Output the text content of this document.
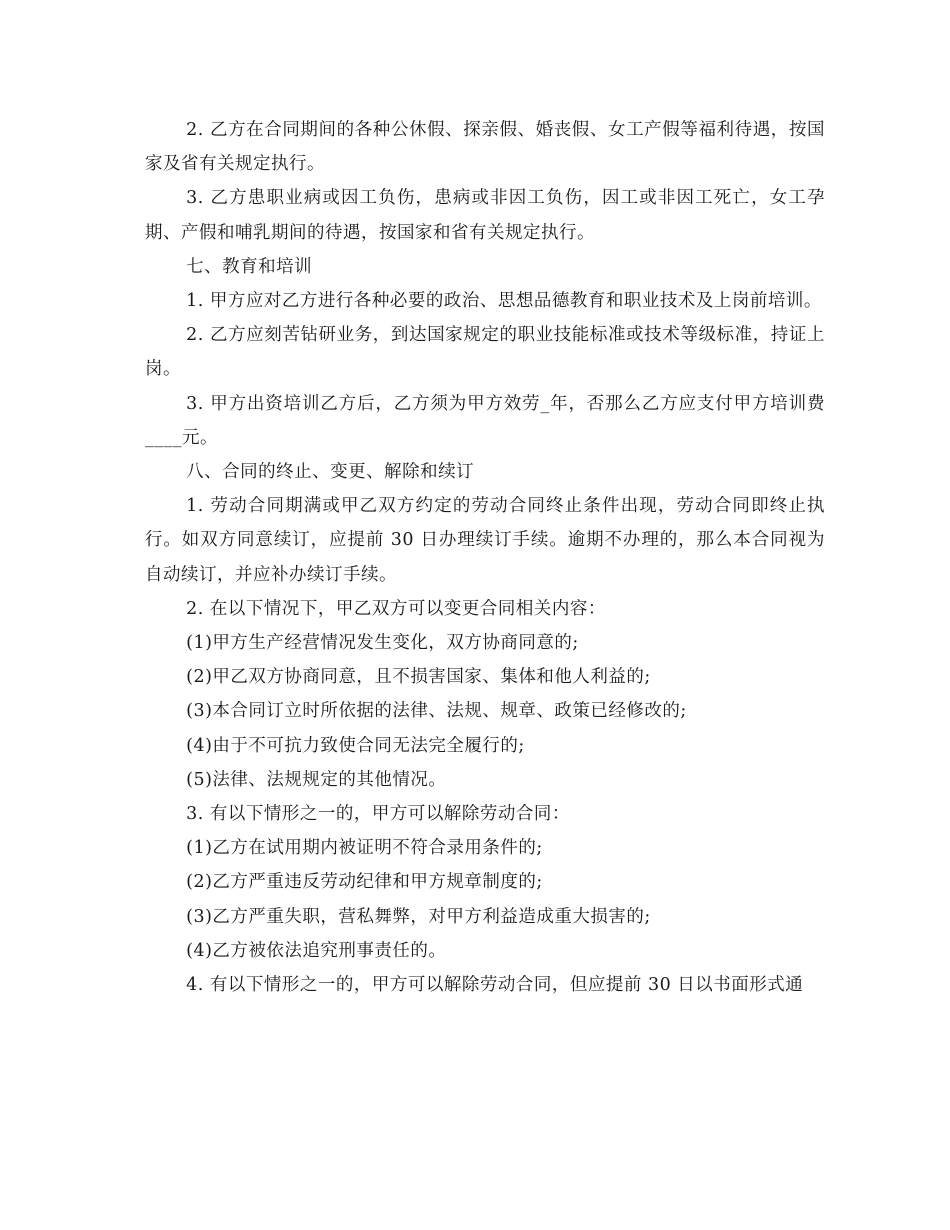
2. 乙方在合同期间的各种公休假、探亲假、婚丧假、女工产假等福利待遇，按国家及省有关规定执行。

3. 乙方患职业病或因工负伤，患病或非因工负伤，因工或非因工死亡，女工孕期、产假和哺乳期间的待遇，按国家和省有关规定执行。

七、教育和培训

1. 甲方应对乙方进行各种必要的政治、思想品德教育和职业技术及上岗前培训。

2. 乙方应刻苦钻研业务，到达国家规定的职业技能标准或技术等级标准，持证上岗。

3. 甲方出资培训乙方后，乙方须为甲方效劳_年，否那么乙方应支付甲方培训费____元。

八、合同的终止、变更、解除和续订

1. 劳动合同期满或甲乙双方约定的劳动合同终止条件出现，劳动合同即终止执行。如双方同意续订，应提前 30 日办理续订手续。逾期不办理的，那么本合同视为自动续订，并应补办续订手续。

2. 在以下情况下，甲乙双方可以变更合同相关内容：

(1)甲方生产经营情况发生变化，双方协商同意的;

(2)甲乙双方协商同意，且不损害国家、集体和他人利益的;

(3)本合同订立时所依据的法律、法规、规章、政策已经修改的;

(4)由于不可抗力致使合同无法完全履行的;

(5)法律、法规规定的其他情况。

3. 有以下情形之一的，甲方可以解除劳动合同：

(1)乙方在试用期内被证明不符合录用条件的;

(2)乙方严重违反劳动纪律和甲方规章制度的;

(3)乙方严重失职，营私舞弊，对甲方利益造成重大损害的;

(4)乙方被依法追究刑事责任的。

4. 有以下情形之一的，甲方可以解除劳动合同，但应提前 30 日以书面形式通
